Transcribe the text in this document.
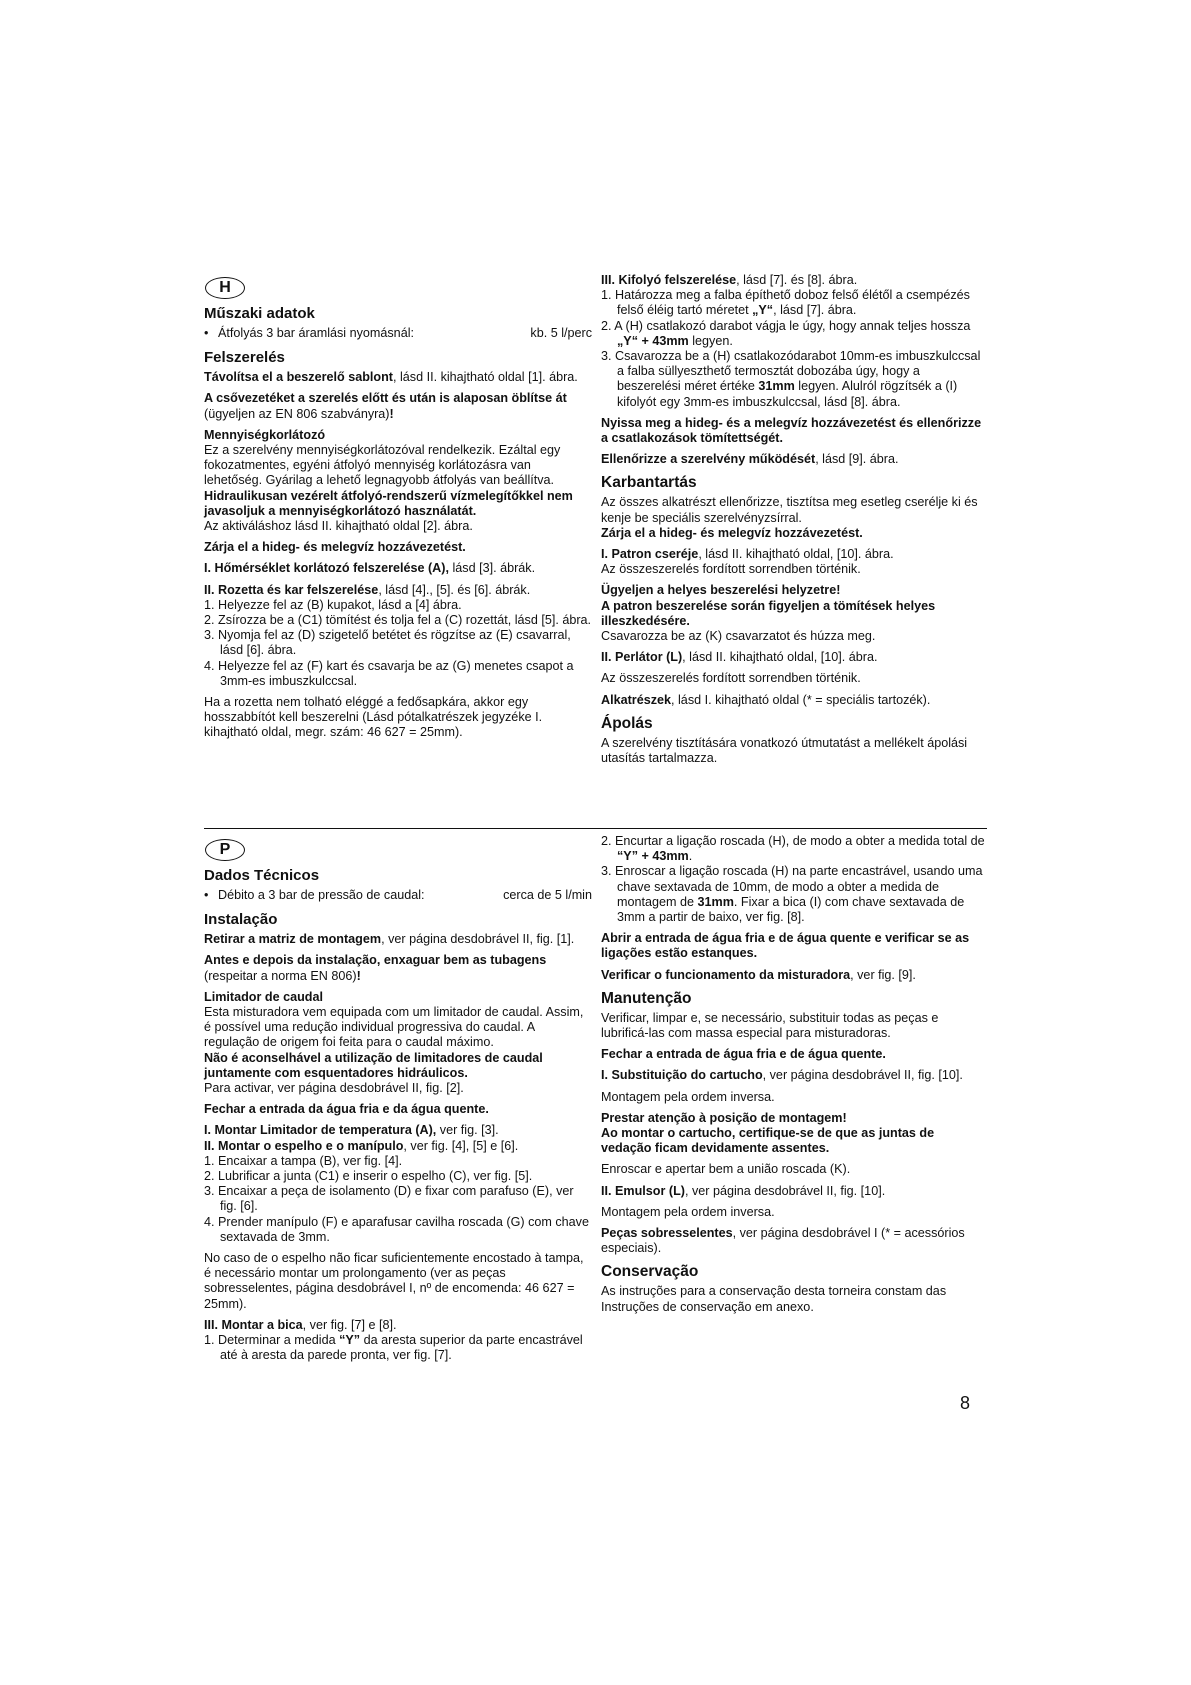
H
Műszaki adatok
• Átfolyás 3 bar áramlási nyomásnál:	kb. 5 l/perc
Felszerelés

Távolítsa el a beszerelő sablont, lásd II. kihajtható oldal [1]. ábra.

A csővezetéket a szerelés előtt és után is alaposan öblítse át (ügyeljen az EN 806 szabványra)!

Mennyiségkorlátozó

Ez a szerelvény mennyiségkorlátozóval rendelkezik. Ezáltal egy fokozatmentes, egyéni átfolyó mennyiség korlátozásra van lehetőség. Gyárilag a lehető legnagyobb átfolyás van beállítva.

Hidraulikusan vezérelt átfolyó-rendszerű vízmelegítőkkel nem javasoljuk a mennyiségkorlátozó használatát.

Az aktiváláshoz lásd II. kihajtható oldal [2]. ábra.

Zárja el a hideg- és melegvíz hozzávezetést.

I. Hőmérséklet korlátozó felszerelése (A), lásd [3]. ábrák.

II. Rozetta és kar felszerelése, lásd [4]., [5]. és [6]. ábrák.

1. Helyezze fel az (B) kupakot, lásd a [4] ábra.

2. Zsírozza be a (C1) tömítést és tolja fel a (C) rozettát, lásd [5]. ábra.

3. Nyomja fel az (D) szigetelő betétet és rögzítse az (E) csavarral, lásd [6]. ábra.

4. Helyezze fel az (F) kart és csavarja be az (G) menetes csapot a 3mm-es imbuszkulccsal.

Ha a rozetta nem tolható eléggé a fedősapkára, akkor egy hosszabbítót kell beszerelni (Lásd pótalkatrészek jegyzéke I. kihajtható oldal, megr. szám: 46 627 = 25mm).

III. Kifolyó felszerelése, lásd [7]. és [8]. ábra.

1. Határozza meg a falba építhető doboz felső élétől a csempézés felső éléig tartó méretet „Y“, lásd [7]. ábra.

2. A (H) csatlakozó darabot vágja le úgy, hogy annak teljes hossza „Y“ + 43mm legyen.

3. Csavarozza be a (H) csatlakozódarabot 10mm-es imbuszkulccsal a falba süllyeszthető termosztát dobozába úgy, hogy a beszerelési méret értéke 31mm legyen. Alulról rögzítsék a (I) kifolyót egy 3mm-es imbuszkulccsal, lásd [8]. ábra.

Nyissa meg a hideg- és a melegvíz hozzávezetést és ellenőrizze a csatlakozások tömítettségét.

Ellenőrizze a szerelvény működését, lásd [9]. ábra.

Karbantartás

Az összes alkatrészt ellenőrizze, tisztítsa meg esetleg cserélje ki és kenje be speciális szerelvényzsírral.

Zárja el a hideg- és melegvíz hozzávezetést.

I. Patron cseréje, lásd II. kihajtható oldal, [10]. ábra.

Az összeszerelés fordított sorrendben történik.

Ügyeljen a helyes beszerelési helyzetre!

A patron beszerelése során figyeljen a tömítések helyes illeszkedésére.

Csavarozza be az (K) csavarzatot és húzza meg.

II. Perlátor (L), lásd II. kihajtható oldal, [10]. ábra.

Az összeszerelés fordított sorrendben történik.

Alkatrészek, lásd I. kihajtható oldal (* = speciális tartozék).

Ápolás

A szerelvény tisztítására vonatkozó útmutatást a mellékelt ápolási utasítás tartalmazza.

P
Dados Técnicos
• Débito a 3 bar de pressão de caudal:	cerca de 5 l/min
Instalação

Retirar a matriz de montagem, ver página desdobrável II, fig. [1].

Antes e depois da instalação, enxaguar bem as tubagens (respeitar a norma EN 806)!

Limitador de caudal

Esta misturadora vem equipada com um limitador de caudal. Assim, é possível uma redução individual progressiva do caudal. A regulação de origem foi feita para o caudal máximo.

Não é aconselhável a utilização de limitadores de caudal juntamente com esquentadores hidráulicos.

Para activar, ver página desdobrável II, fig. [2].

Fechar a entrada da água fria e da água quente.

I. Montar Limitador de temperatura (A), ver fig. [3].

II. Montar o espelho e o manípulo, ver fig. [4], [5] e [6].

1. Encaixar a tampa (B), ver fig. [4].

2. Lubrificar a junta (C1) e inserir o espelho (C), ver fig. [5].

3. Encaixar a peça de isolamento (D) e fixar com parafuso (E), ver fig. [6].

4. Prender manípulo (F) e aparafusar cavilha roscada (G) com chave sextavada de 3mm.

No caso de o espelho não ficar suficientemente encostado à tampa, é necessário montar um prolongamento (ver as peças sobresselentes, página desdobrável I, nº de encomenda: 46 627 = 25mm).

III. Montar a bica, ver fig. [7] e [8].

1. Determinar a medida “Y” da aresta superior da parte encastrável até à aresta da parede pronta, ver fig. [7].

2. Encurtar a ligação roscada (H), de modo a obter a medida total de “Y” + 43mm.

3. Enroscar a ligação roscada (H) na parte encastrável, usando uma chave sextavada de 10mm, de modo a obter a medida de montagem de 31mm. Fixar a bica (I) com chave sextavada de 3mm a partir de baixo, ver fig. [8].

Abrir a entrada de água fria e de água quente e verificar se as ligações estão estanques.

Verificar o funcionamento da misturadora, ver fig. [9].

Manutenção

Verificar, limpar e, se necessário, substituir todas as peças e lubrificá-las com massa especial para misturadoras.

Fechar a entrada de água fria e de água quente.

I. Substituição do cartucho, ver página desdobrável II, fig. [10].

Montagem pela ordem inversa.

Prestar atenção à posição de montagem!

Ao montar o cartucho, certifique-se de que as juntas de vedação ficam devidamente assentes.

Enroscar e apertar bem a união roscada (K).

II. Emulsor (L), ver página desdobrável II, fig. [10].

Montagem pela ordem inversa.

Peças sobresselentes, ver página desdobrável I (* = acessórios especiais).

Conservação

As instruções para a conservação desta torneira constam das Instruções de conservação em anexo.

8
